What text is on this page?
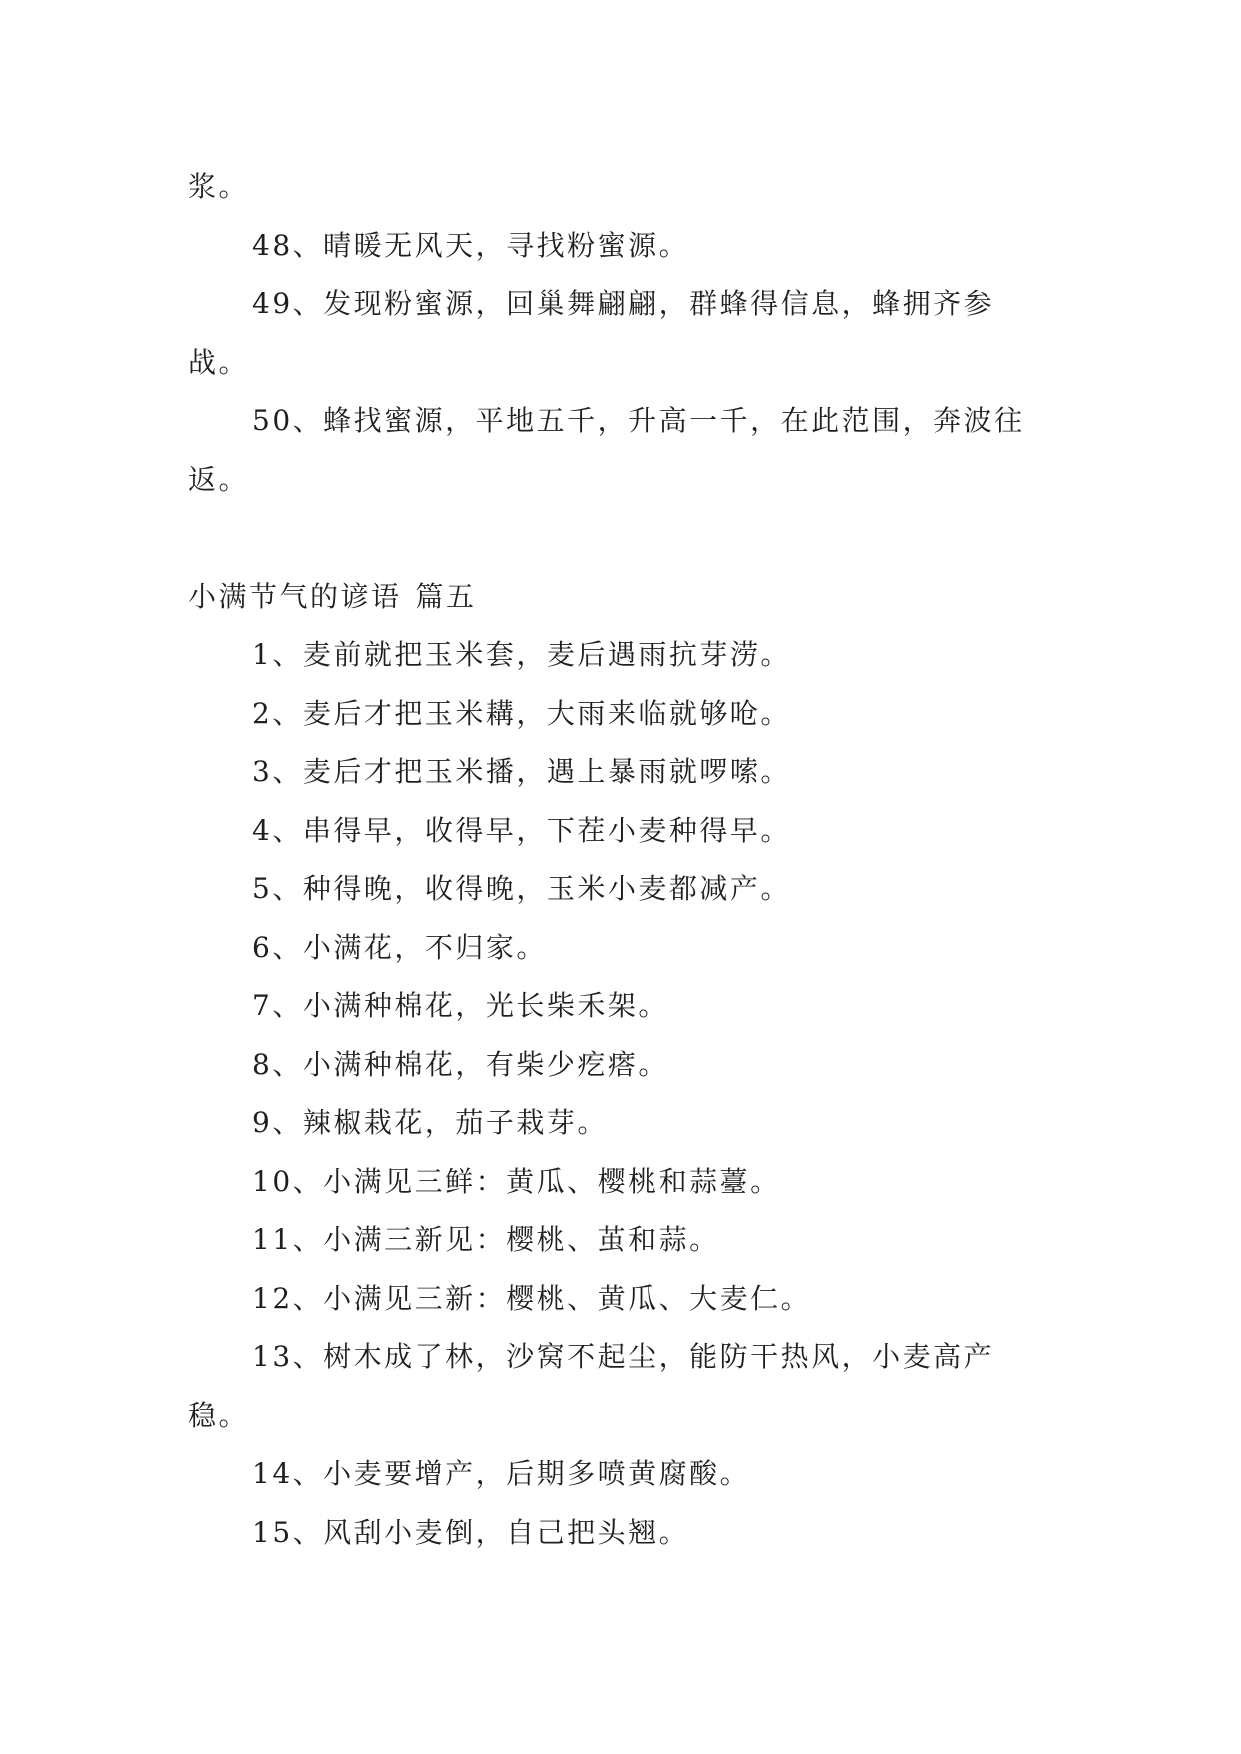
浆。

48、晴暖无风天，寻找粉蜜源。

49、发现粉蜜源，回巢舞翩翩，群蜂得信息，蜂拥齐参战。

50、蜂找蜜源，平地五千，升高一千，在此范围，奔波往返。

小满节气的谚语 篇五

1、麦前就把玉米套，麦后遇雨抗芽涝。

2、麦后才把玉米耩，大雨来临就够呛。

3、麦后才把玉米播，遇上暴雨就啰嗦。

4、串得早，收得早，下茬小麦种得早。

5、种得晚，收得晚，玉米小麦都减产。

6、小满花，不归家。

7、小满种棉花，光长柴禾架。

8、小满种棉花，有柴少疙瘩。

9、辣椒栽花，茄子栽芽。

10、小满见三鲜：黄瓜、樱桃和蒜薹。

11、小满三新见：樱桃、茧和蒜。

12、小满见三新：樱桃、黄瓜、大麦仁。

13、树木成了林，沙窝不起尘，能防干热风，小麦高产稳。

14、小麦要增产，后期多喷黄腐酸。

15、风刮小麦倒，自己把头翘。
